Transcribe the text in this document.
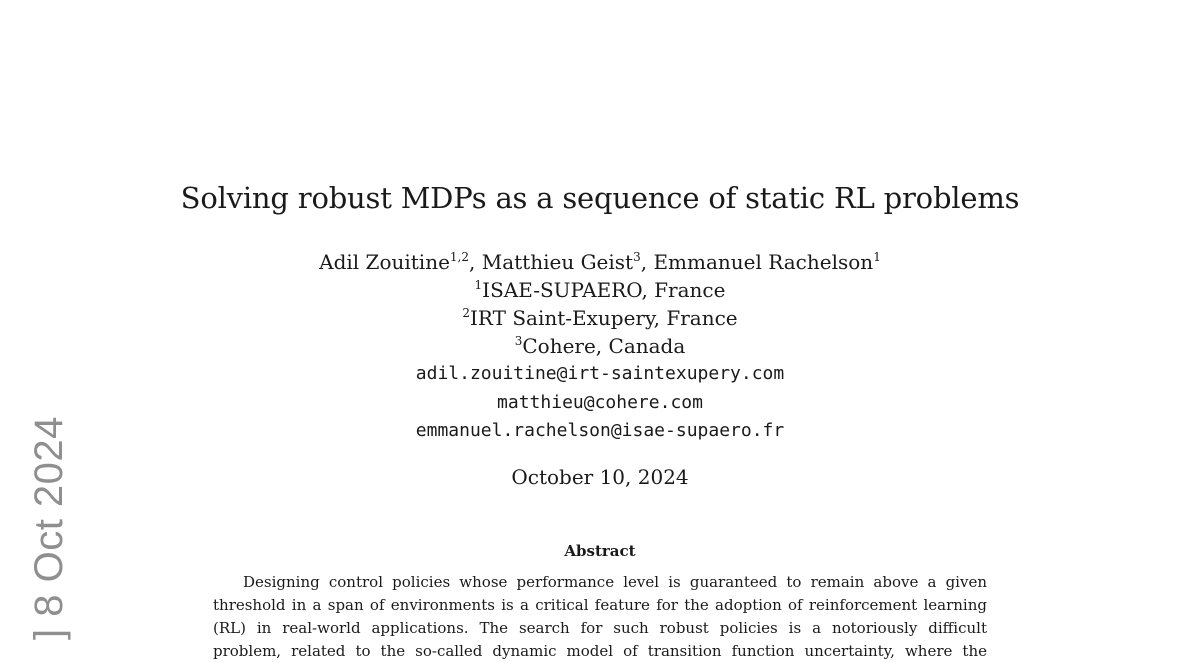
] 8 Oct 2024
Solving robust MDPs as a sequence of static RL problems
Adil Zouitine$^{1,2}$, Matthieu Geist$^3$, Emmanuel Rachelson$^1$
$^1$ISAE-SUPAERO, France
$^2$IRT Saint-Exupery, France
$^3$Cohere, Canada
adil.zouitine@irt-saintexupery.com
matthieu@cohere.com
emmanuel.rachelson@isae-supaero.fr
October 10, 2024
Abstract
Designing control policies whose performance level is guaranteed to remain above a given
threshold in a span of environments is a critical feature for the adoption of reinforcement learning
(RL) in real-world applications. The search for such robust policies is a notoriously difficult
problem, related to the so-called dynamic model of transition function uncertainty, where the
